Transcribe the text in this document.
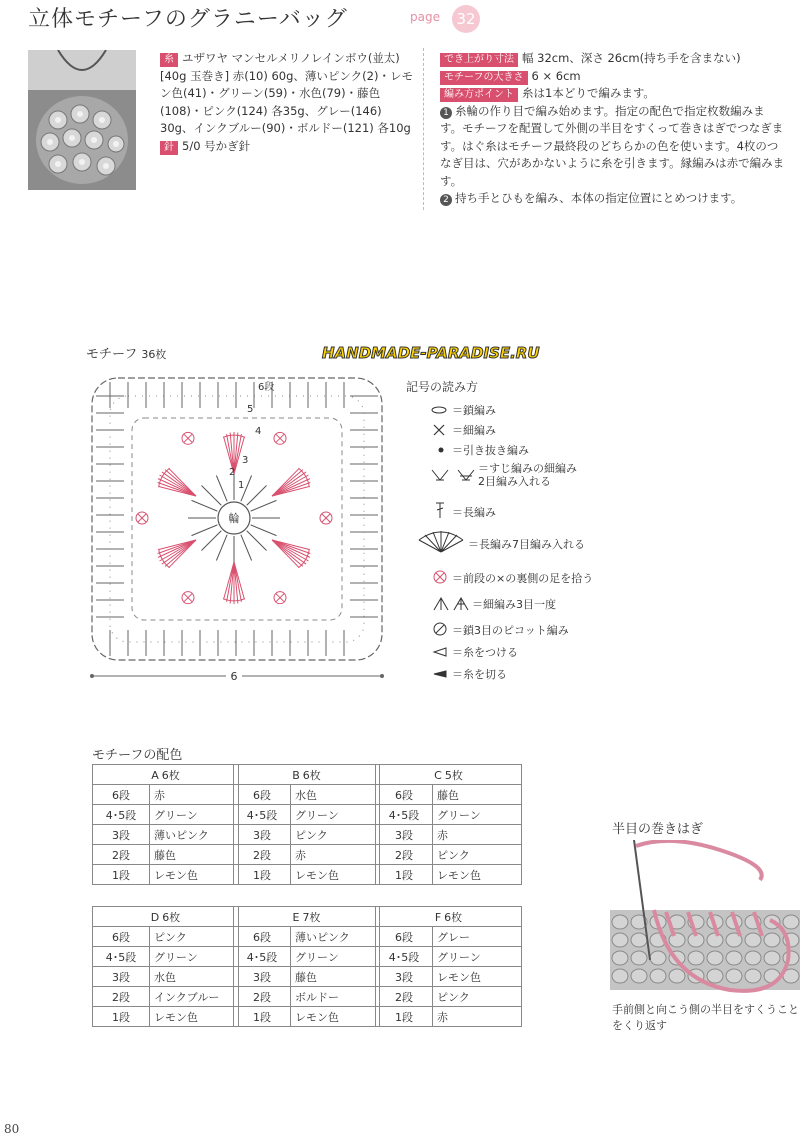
立体モチーフのグラニーバッグ	page 32
糸 ユザワヤ マンセルメリノレインボウ(並太)[40g 玉巻き] 赤(10) 60g、薄いピンク(2)・レモン色(41)・グリーン(59)・水色(79)・藤色(108)・ピンク(124) 各35g、グレー(146) 30g、インクブルー(90)・ボルドー(121) 各10g
針 5/0 号かぎ針
でき上がり寸法 幅 32cm、深さ 26cm(持ち手を含まない)
モチーフの大きさ 6 × 6cm
編み方ポイント 糸は1本どりで編みます。
1 糸輪の作り目で編み始めます。指定の配色で指定枚数編みます。モチーフを配置して外側の半目をすくって巻きはぎでつなぎます。はぐ糸はモチーフ最終段のどちらかの色を使います。4枚のつなぎ目は、穴があかないように糸を引きます。縁編みは赤で編みます。
2 持ち手とひもを編み、本体の指定位置にとめつけます。
HANDMADE-PARADISE.RU
モチーフ 36枚
輪
6段
5
4
3
2
1
6
記号の読み方
＝鎖編み
＝細編み
＝引き抜き編み
＝すじ編みの細編み
2目編み入れる
＝長編み
＝長編み7目編み入れる
＝前段の×の裏側の足を拾う
＝細編み3目一度
＝鎖3目のピコット編み
＝糸をつける
＝糸を切る
モチーフの配色
A 6枚	
6段	赤
4･5段	グリーン
3段	薄いピンク
2段	藤色
1段	レモン色
B 6枚	
6段	水色
4･5段	グリーン
3段	ピンク
2段	赤
1段	レモン色
C 5枚	
6段	藤色
4･5段	グリーン
3段	赤
2段	ピンク
1段	レモン色
D 6枚	
6段	ピンク
4･5段	グリーン
3段	水色
2段	インクブルー
1段	レモン色
E 7枚	
6段	薄いピンク
4･5段	グリーン
3段	藤色
2段	ボルドー
1段	レモン色
F 6枚	
6段	グレー
4･5段	グリーン
3段	レモン色
2段	ピンク
1段	赤
半目の巻きはぎ
手前側と向こう側の半目をすくうことをくり返す
80
